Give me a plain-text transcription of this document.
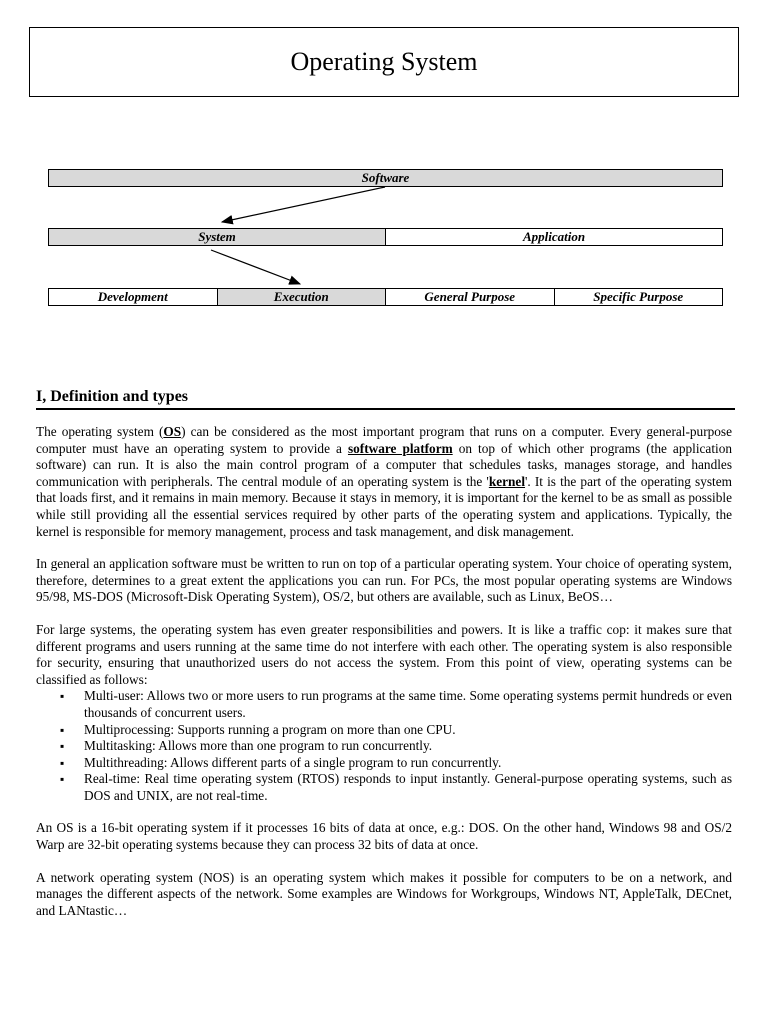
Operating System
Software
System	Application
Development	Execution	General Purpose	Specific Purpose
I, Definition and types

The operating system (OS) can be considered as the most important program that runs on a computer. Every general-purpose computer must have an operating system to provide a software platform on top of which other programs (the application software) can run. It is also the main control program of a computer that schedules tasks, manages storage, and handles communication with peripherals. The central module of an operating system is the 'kernel'. It is the part of the operating system that loads first, and it remains in main memory. Because it stays in memory, it is important for the kernel to be as small as possible while still providing all the essential services required by other parts of the operating system and applications. Typically, the kernel is responsible for memory management, process and task management, and disk management.

In general an application software must be written to run on top of a particular operating system. Your choice of operating system, therefore, determines to a great extent the applications you can run. For PCs, the most popular operating systems are Windows 95/98, MS-DOS (Microsoft-Disk Operating System), OS/2, but others are available, such as Linux, BeOS…

For large systems, the operating system has even greater responsibilities and powers. It is like a traffic cop: it makes sure that different programs and users running at the same time do not interfere with each other. The operating system is also responsible for security, ensuring that unauthorized users do not access the system. From this point of view, operating systems can be classified as follows:

▪ Multi-user: Allows two or more users to run programs at the same time. Some operating systems permit hundreds or even thousands of concurrent users.
▪ Multiprocessing: Supports running a program on more than one CPU.
▪ Multitasking: Allows more than one program to run concurrently.
▪ Multithreading: Allows different parts of a single program to run concurrently.
▪ Real-time: Real time operating system (RTOS) responds to input instantly. General-purpose operating systems, such as DOS and UNIX, are not real-time.

An OS is a 16-bit operating system if it processes 16 bits of data at once, e.g.: DOS. On the other hand, Windows 98 and OS/2 Warp are 32-bit operating systems because they can process 32 bits of data at once.

A network operating system (NOS) is an operating system which makes it possible for computers to be on a network, and manages the different aspects of the network. Some examples are Windows for Workgroups, Windows NT, AppleTalk, DECnet, and LANtastic…
